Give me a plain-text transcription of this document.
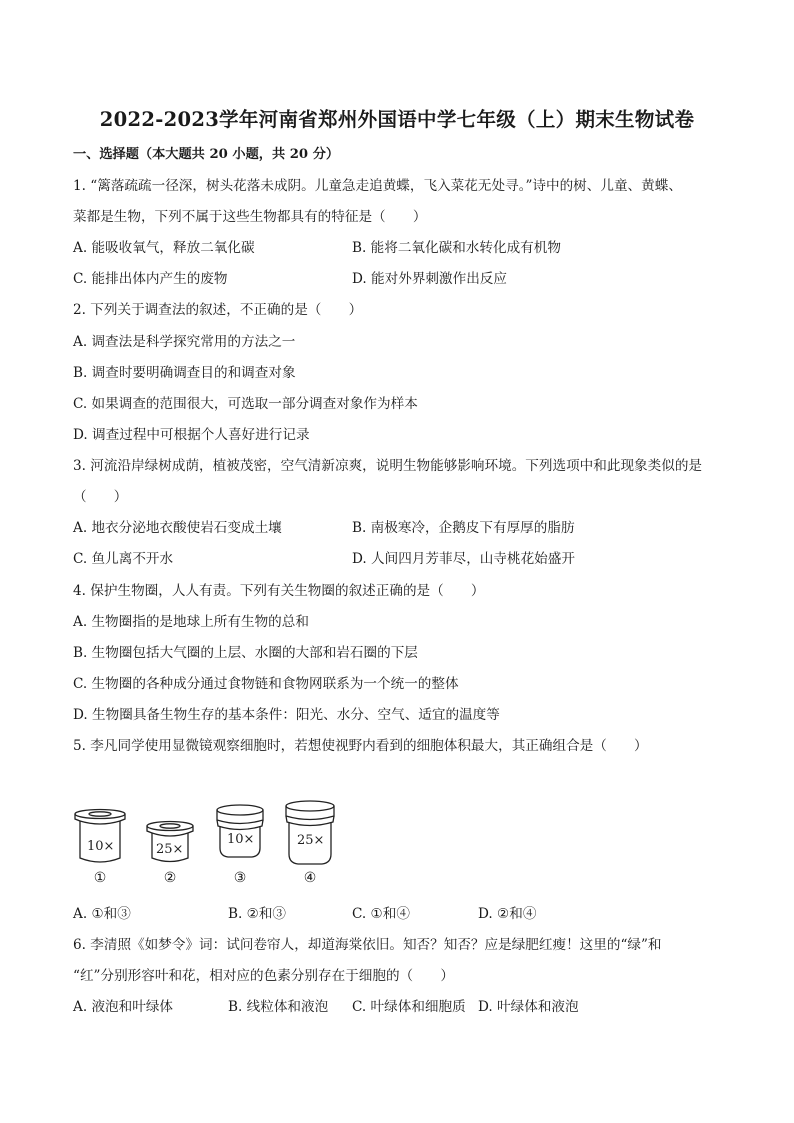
2022-2023学年河南省郑州外国语中学七年级（上）期末生物试卷
一、选择题（本大题共 20 小题，共 20 分）
1. “篱落疏疏一径深，树头花落未成阴。儿童急走追黄蝶，飞入菜花无处寻。”诗中的树、儿童、黄蝶、
菜都是生物，下列不属于这些生物都具有的特征是（　　）
A. 能吸收氧气，释放二氧化碳	B. 能将二氧化碳和水转化成有机物
C. 能排出体内产生的废物	D. 能对外界刺激作出反应
2. 下列关于调查法的叙述，不正确的是（　　）
A. 调查法是科学探究常用的方法之一
B. 调查时要明确调查目的和调查对象
C. 如果调查的范围很大，可选取一部分调查对象作为样本
D. 调查过程中可根据个人喜好进行记录
3. 河流沿岸绿树成荫，植被茂密，空气清新凉爽，说明生物能够影响环境。下列选项中和此现象类似的是
（　　）
A. 地衣分泌地衣酸使岩石变成土壤	B. 南极寒冷，企鹅皮下有厚厚的脂肪
C. 鱼儿离不开水	D. 人间四月芳菲尽，山寺桃花始盛开
4. 保护生物圈，人人有责。下列有关生物圈的叙述正确的是（　　）
A. 生物圈指的是地球上所有生物的总和
B. 生物圈包括大气圈的上层、水圈的大部和岩石圈的下层
C. 生物圈的各种成分通过食物链和食物网联系为一个统一的整体
D. 生物圈具备生物生存的基本条件：阳光、水分、空气、适宜的温度等
5. 李凡同学使用显微镜观察细胞时，若想使视野内看到的细胞体积最大，其正确组合是（　　）
10×	25×
10×	25×
①	②	③	④
A. ①和③	B. ②和③	C. ①和④	D. ②和④
6. 李清照《如梦令》词：试问卷帘人，却道海棠依旧。知否？知否？应是绿肥红瘦！这里的“绿”和
“红”分别形容叶和花，相对应的色素分别存在于细胞的（　　）
A. 液泡和叶绿体	B. 线粒体和液泡 C. 叶绿体和细胞质 D. 叶绿体和液泡
